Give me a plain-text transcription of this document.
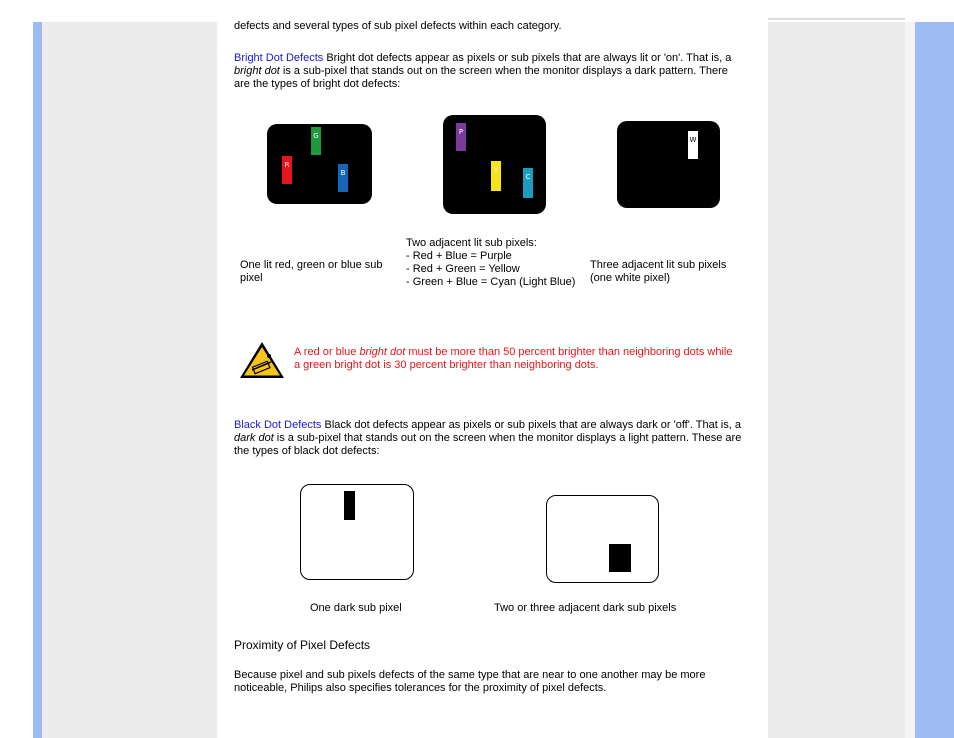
defects and several types of sub pixel defects within each category.

Bright Dot Defects Bright dot defects appear as pixels or sub pixels that are always lit or 'on'. That is, a bright dot is a sub-pixel that stands out on the screen when the monitor displays a dark pattern. There are the types of bright dot defects:

G
R
B
P
Y
C
W
One lit red, green or blue sub pixel
Two adjacent lit sub pixels:
- Red + Blue = Purple
- Red + Green = Yellow
- Green + Blue = Cyan (Light Blue)
Three adjacent lit sub pixels (one white pixel)
A red or blue bright dot must be more than 50 percent brighter than neighboring dots while a green bright dot is 30 percent brighter than neighboring dots.

Black Dot Defects Black dot defects appear as pixels or sub pixels that are always dark or 'off'. That is, a dark dot is a sub-pixel that stands out on the screen when the monitor displays a light pattern. These are the types of black dot defects:

One dark sub pixel	Two or three adjacent dark sub pixels
Proximity of Pixel Defects

Because pixel and sub pixels defects of the same type that are near to one another may be more noticeable, Philips also specifies tolerances for the proximity of pixel defects.
